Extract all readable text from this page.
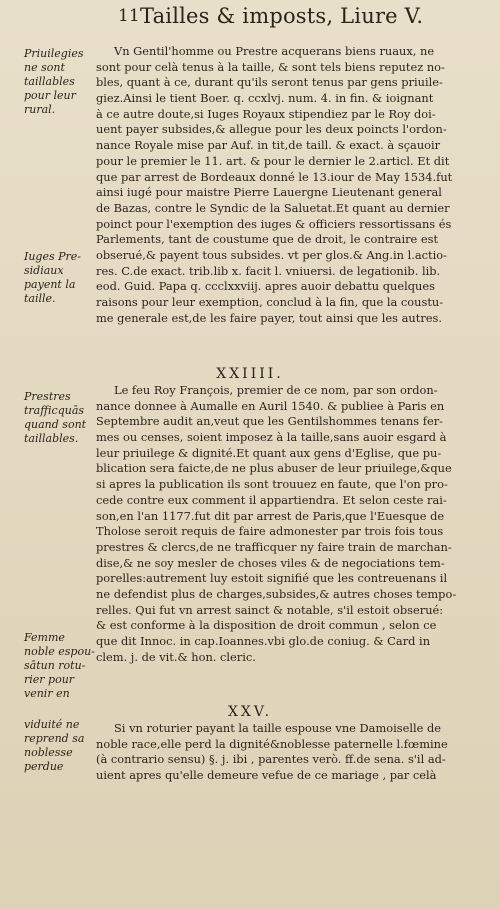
11 Tailles & imposts, Liure V.
Priuilegies
ne sont
taillables
pour leur
rural.
Iuges Pre-
sidiaux
payent la
taille.
Prestres
trafficquās
quand sont
taillables.
Femme
noble espou-
sātun rotu-
rier pour
venir en
viduité ne
reprend sa
noblesse
perdue
Vn Gentil'homme ou Prestre acquerans biens ruaux, ne
sont pour celà tenus à la taille, & sont tels biens reputez no-
bles, quant à ce, durant qu'ils seront tenus par gens priuile-
giez.Ainsi le tient Boer. q. ccxlvj. num. 4. in fin. & ioignant
à ce autre doute,si Iuges Royaux stipendiez par le Roy doi-
uent payer subsides,& allegue pour les deux poincts l'ordon-
nance Royale mise par Auf. in tit,de taill. & exact. à sçauoir
pour le premier le 11. art. & pour le dernier le 2.articl. Et dit
que par arrest de Bordeaux donné le 13.iour de May 1534.fut
ainsi iugé pour maistre Pierre Lauergne Lieutenant general
de Bazas, contre le Syndic de la Saluetat.Et quant au dernier
poinct pour l'exemption des iuges & officiers ressortissans és
Parlements, tant de coustume que de droit, le contraire est
obserué,& payent tous subsides. vt per glos.& Ang.in l.actio-
res. C.de exact. trib.lib x. facit l. vniuersi. de legationib. lib.
eod. Guid. Papa q. ccclxxviij. apres auoir debattu quelques
raisons pour leur exemption, conclud à la fin, que la coustu-
me generale est,de les faire payer, tout ainsi que les autres.
XXIIII.
Le feu Roy François, premier de ce nom, par son ordon-
nance donnee à Aumalle en Auril 1540. & publiee à Paris en
Septembre audit an,veut que les Gentilshommes tenans fer-
mes ou censes, soient imposez à la taille,sans auoir esgard à
leur priuilege & dignité.Et quant aux gens d'Eglise, que pu-
blication sera faicte,de ne plus abuser de leur priuilege,&que
si apres la publication ils sont trouuez en faute, que l'on pro-
cede contre eux comment il appartiendra. Et selon ceste rai-
son,en l'an 1177.fut dit par arrest de Paris,que l'Euesque de
Tholose seroit requis de faire admonester par trois fois tous
prestres & clercs,de ne trafficquer ny faire train de marchan-
dise,& ne soy mesler de choses viles & de negociations tem-
porelles:autrement luy estoit signifié que les contreuenans il
ne defendist plus de charges,subsides,& autres choses tempo-
relles. Qui fut vn arrest sainct & notable, s'il estoit obserué:
& est conforme à la disposition de droit commun , selon ce
que dit Innoc. in cap.Ioannes.vbi glo.de coniug. & Card in
clem. j. de vit.& hon. cleric.
XXV.
Si vn roturier payant la taille espouse vne Damoiselle de
noble race,elle perd la dignité&noblesse paternelle l.fœmine
(à contrario sensu) §. j. ibi , parentes verò. ff.de sena. s'il ad-
uient apres qu'elle demeure vefue de ce mariage , par celà
